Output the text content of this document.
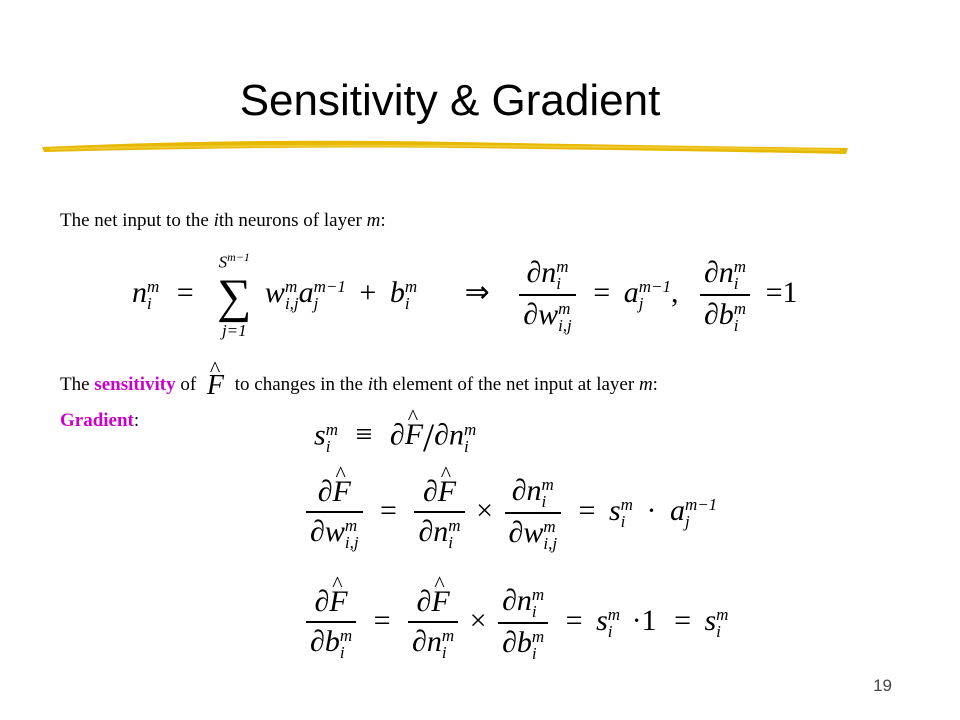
Sensitivity & Gradient
The net input to the ith neurons of layer m:
n m
i =
$S^{m-1}$
∑
j=1
w m
i,j a m−1
j	+ b m
i ⇒ ∂n m
i
∂w m
i,j = a m−1
j , ∂n m
i
∂b m
i =1
The sensitivity of ^ F to changes in the ith element of the net input at layer m:
Gradient:	s m
i ≡ ∂^ F/∂n m
i
∂^ F
∂w m
i,j = ∂^ F
∂n m
i × ∂n m
i
∂w m
i,j = s m
i · a m−1
j
∂^ F
∂b m
i = ∂^ F
∂n m
i × ∂n m
i
∂b m
i = s m
i ·1 = s m
i
19
